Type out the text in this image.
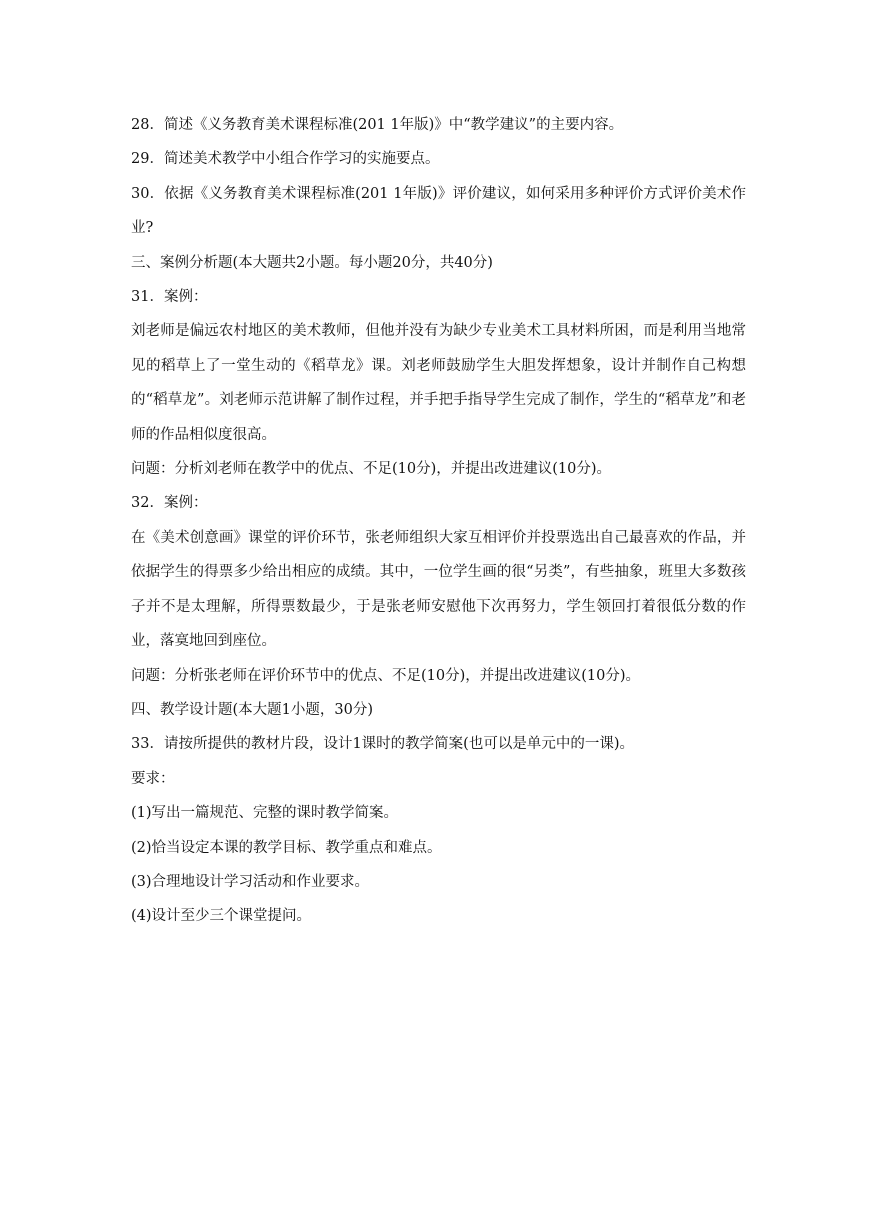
28．简述《义务教育美术课程标准(201 1年版)》中“教学建议”的主要内容。

29．简述美术教学中小组合作学习的实施要点。

30．依据《义务教育美术课程标准(201 1年版)》评价建议，如何采用多种评价方式评价美术作业?

三、案例分析题(本大题共2小题。每小题20分，共40分)

31．案例：

刘老师是偏远农村地区的美术教师，但他并没有为缺少专业美术工具材料所困，而是利用当地常见的稻草上了一堂生动的《稻草龙》课。刘老师鼓励学生大胆发挥想象，设计并制作自己构想的“稻草龙”。刘老师示范讲解了制作过程，并手把手指导学生完成了制作，学生的“稻草龙”和老师的作品相似度很高。

问题：分析刘老师在教学中的优点、不足(10分)，并提出改进建议(10分)。

32．案例：

在《美术创意画》课堂的评价环节，张老师组织大家互相评价并投票选出自己最喜欢的作品，并依据学生的得票多少给出相应的成绩。其中，一位学生画的很“另类”，有些抽象，班里大多数孩子并不是太理解，所得票数最少，于是张老师安慰他下次再努力，学生领回打着很低分数的作业，落寞地回到座位。

问题：分析张老师在评价环节中的优点、不足(10分)，并提出改进建议(10分)。

四、教学设计题(本大题1小题，30分)

33．请按所提供的教材片段，设计1课时的教学简案(也可以是单元中的一课)。

要求：

(1)写出一篇规范、完整的课时教学简案。

(2)恰当设定本课的教学目标、教学重点和难点。

(3)合理地设计学习活动和作业要求。

(4)设计至少三个课堂提问。
